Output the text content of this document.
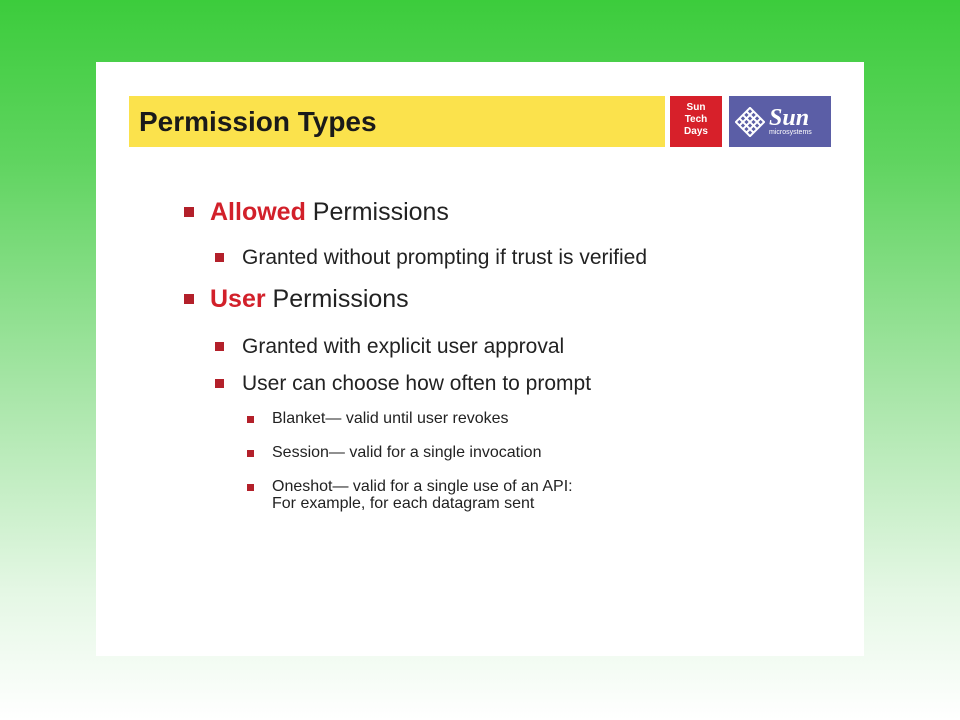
Permission Types	Sun
Tech
Days
Sun
microsystems
Allowed Permissions
Granted without prompting if trust is verified
User Permissions
Granted with explicit user approval
User can choose how often to prompt
Blanket— valid until user revokes
Session— valid for a single invocation
Oneshot— valid for a single use of an API:
For example, for each datagram sent
